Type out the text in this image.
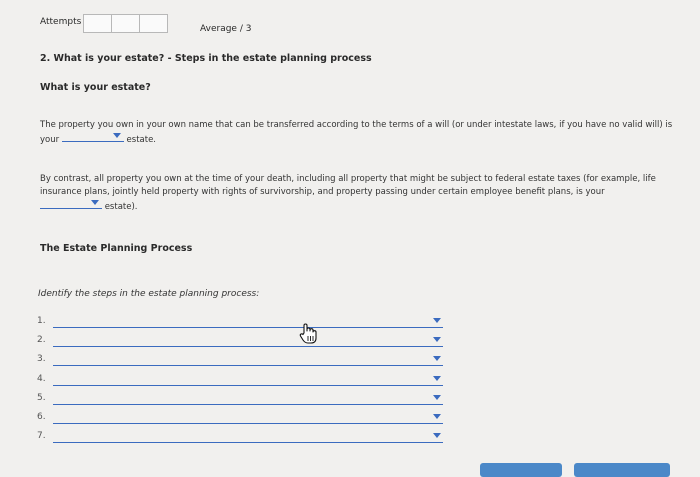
Attempts
Average / 3
2. What is your estate? - Steps in the estate planning process
What is your estate?
The property you own in your own name that can be transferred according to the terms of a will (or under intestate laws, if you have no valid will) is
your	estate.
By contrast, all property you own at the time of your death, including all property that might be subject to federal estate taxes (for example, life
insurance plans, jointly held property with rights of survivorship, and property passing under certain employee benefit plans, is your
estate).
The Estate Planning Process
Identify the steps in the estate planning process:
1.
2.
3.
4.
5.
6.
7.
